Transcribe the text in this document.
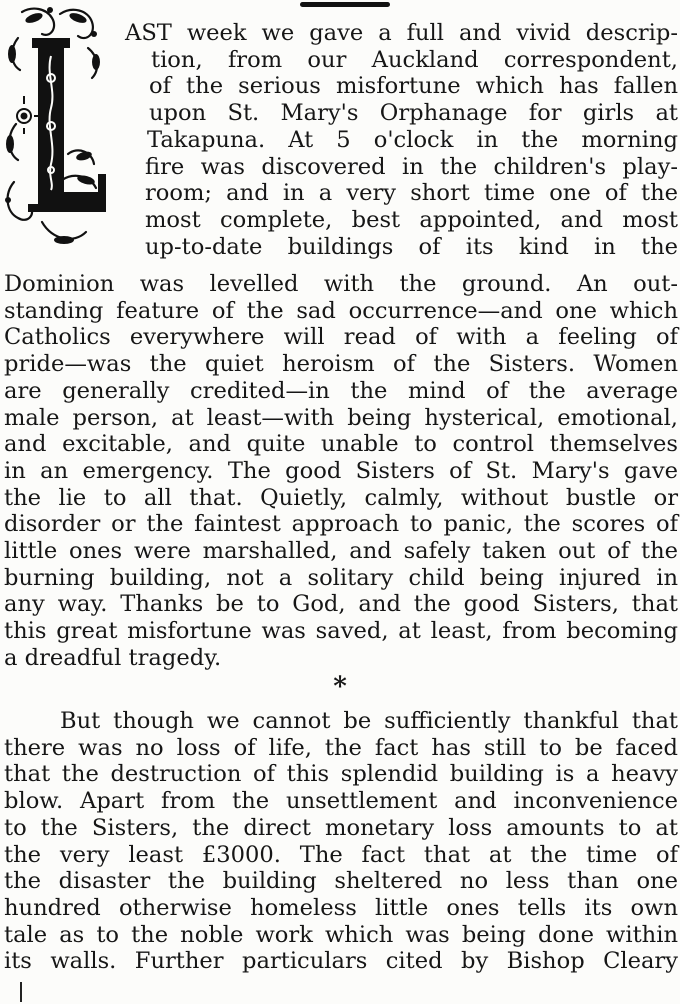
AST week we gave a full and vivid descrip-
tion, from our Auckland correspondent,
of the serious misfortune which has fallen
upon St. Mary's Orphanage for girls at
Takapuna. At 5 o'clock in the morning
fire was discovered in the children's play-
room; and in a very short time one of the
most complete, best appointed, and most
up-to-date buildings of its kind in the

Dominion was levelled with the ground. An out-
standing feature of the sad occurrence—and one which
Catholics everywhere will read of with a feeling of
pride—was the quiet heroism of the Sisters. Women
are generally credited—in the mind of the average
male person, at least—with being hysterical, emotional,
and excitable, and quite unable to control themselves
in an emergency. The good Sisters of St. Mary's gave
the lie to all that. Quietly, calmly, without bustle or
disorder or the faintest approach to panic, the scores of
little ones were marshalled, and safely taken out of the
burning building, not a solitary child being injured in
any way. Thanks be to God, and the good Sisters, that
this great misfortune was saved, at least, from becoming
a dreadful tragedy.

*

But though we cannot be sufficiently thankful that
there was no loss of life, the fact has still to be faced
that the destruction of this splendid building is a heavy
blow. Apart from the unsettlement and inconvenience
to the Sisters, the direct monetary loss amounts to at
the very least £3000. The fact that at the time of
the disaster the building sheltered no less than one
hundred otherwise homeless little ones tells its own
tale as to the noble work which was being done within
its walls. Further particulars cited by Bishop Cleary
